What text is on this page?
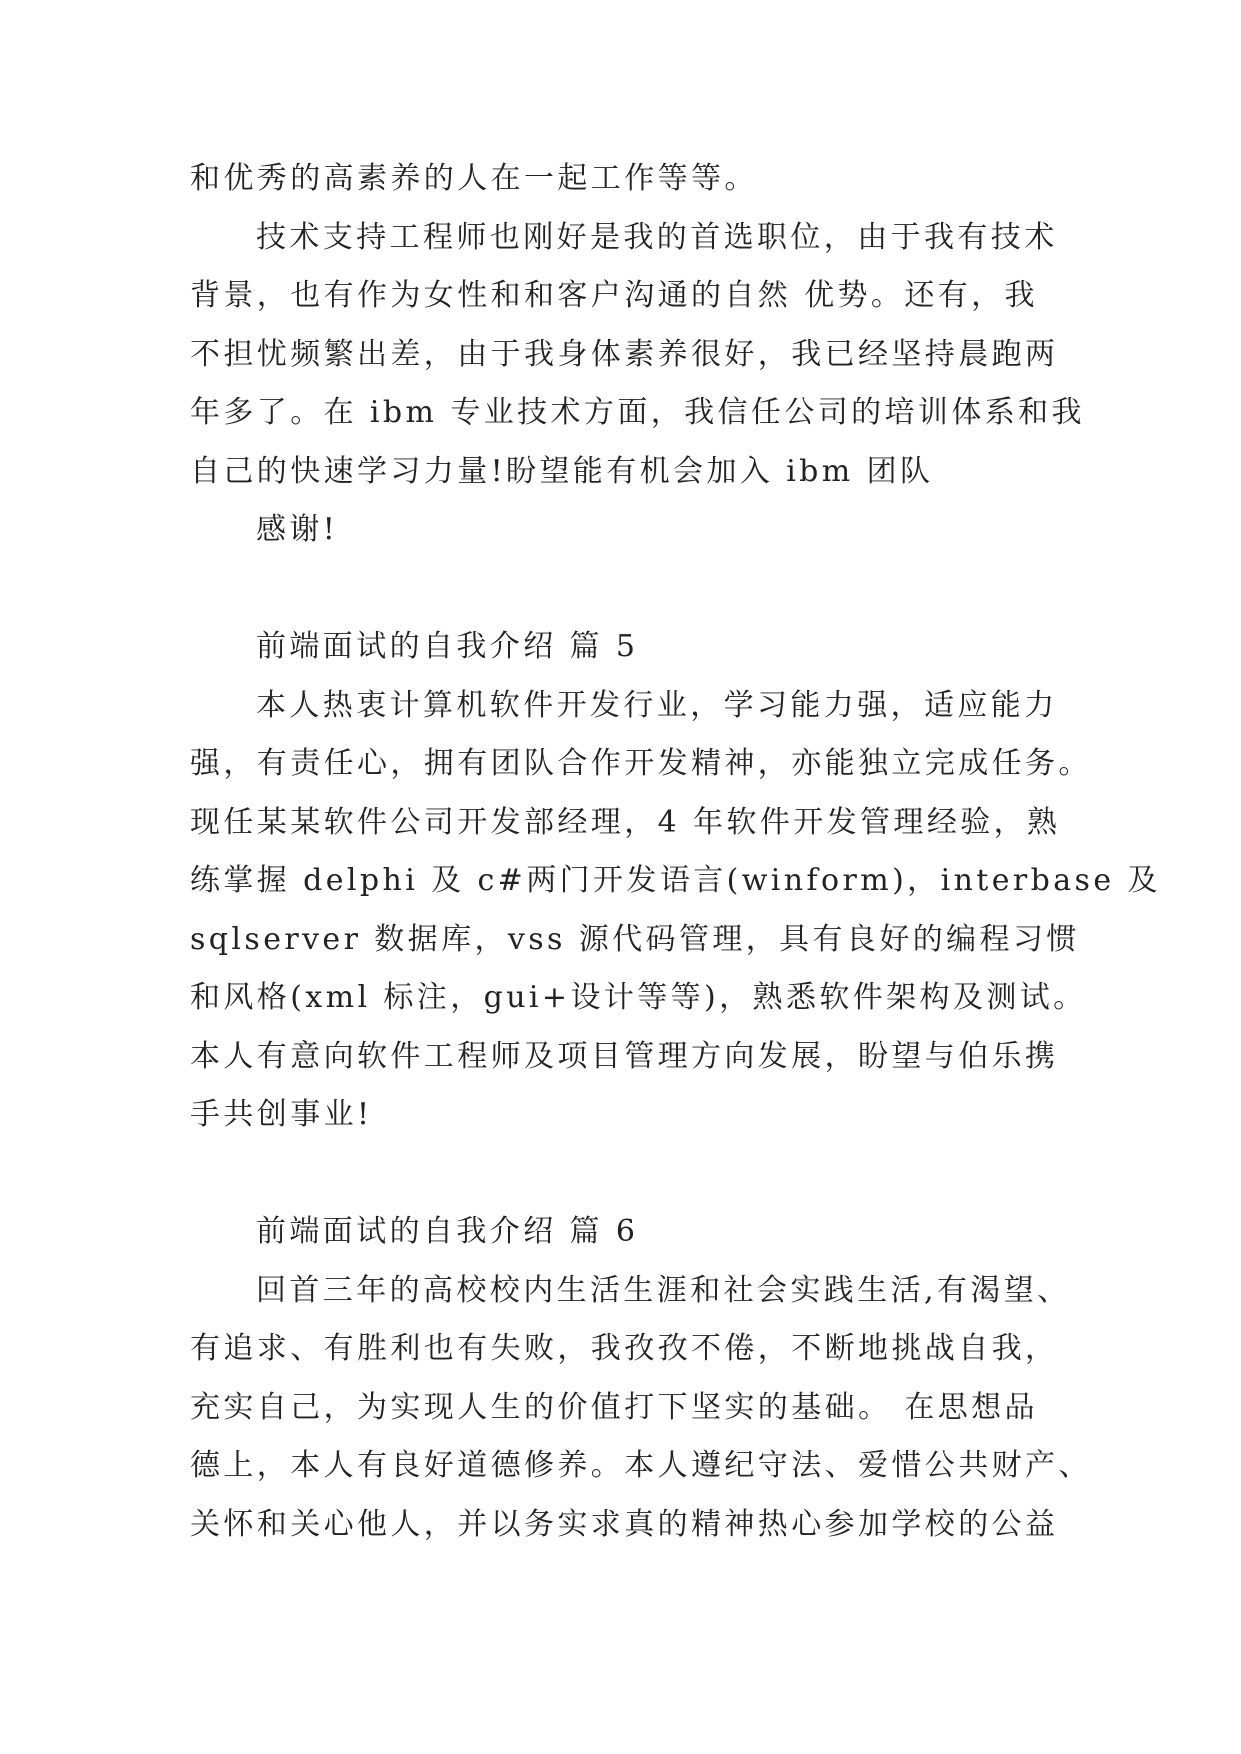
和优秀的高素养的人在一起工作等等。
技术支持工程师也刚好是我的首选职位，由于我有技术
背景，也有作为女性和和客户沟通的自然 优势。还有，我
不担忧频繁出差，由于我身体素养很好，我已经坚持晨跑两
年多了。在 ibm 专业技术方面，我信任公司的培训体系和我
自己的快速学习力量!盼望能有机会加入 ibm 团队
感谢!
前端面试的自我介绍 篇 5
本人热衷计算机软件开发行业，学习能力强，适应能力
强，有责任心，拥有团队合作开发精神，亦能独立完成任务。
现任某某软件公司开发部经理，4 年软件开发管理经验，熟
练掌握 delphi 及 c#两门开发语言(winform)，interbase 及
sqlserver 数据库，vss 源代码管理，具有良好的编程习惯
和风格(xml 标注，gui+设计等等)，熟悉软件架构及测试。
本人有意向软件工程师及项目管理方向发展，盼望与伯乐携
手共创事业!
前端面试的自我介绍 篇 6
回首三年的高校校内生活生涯和社会实践生活,有渴望、
有追求、有胜利也有失败，我孜孜不倦，不断地挑战自我，
充实自己，为实现人生的价值打下坚实的基础。 在思想品
德上，本人有良好道德修养。本人遵纪守法、爱惜公共财产、
关怀和关心他人，并以务实求真的精神热心参加学校的公益
